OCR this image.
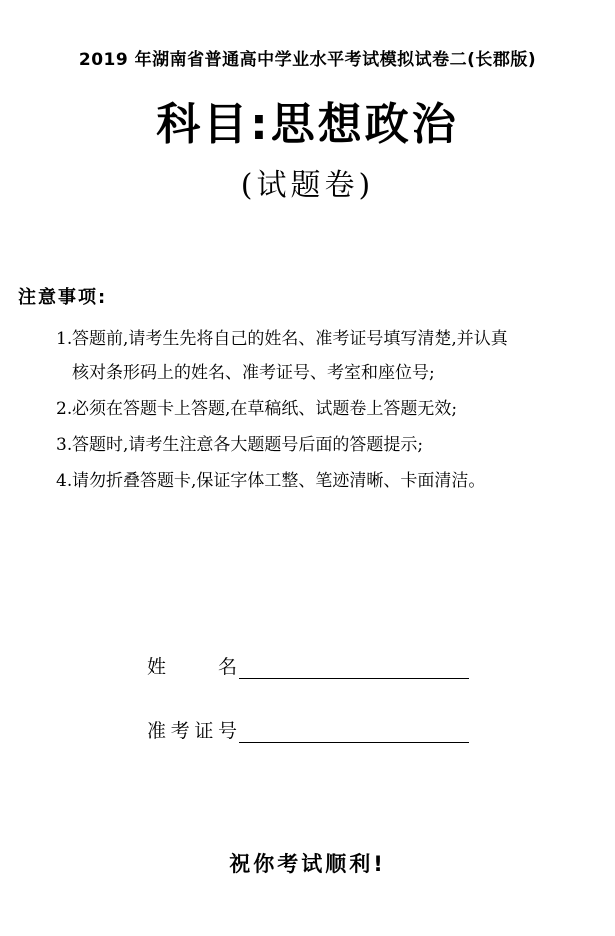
2019 年湖南省普通高中学业水平考试模拟试卷二(长郡版)
科目:思想政治
(试题卷)
注意事项:
1.答题前,请考生先将自己的姓名、准考证号填写清楚,并认真
核对条形码上的姓名、准考证号、考室和座位号;
2.必须在答题卡上答题,在草稿纸、试题卷上答题无效;
3.答题时,请考生注意各大题题号后面的答题提示;
4.请勿折叠答题卡,保证字体工整、笔迹清晰、卡面清洁。
姓名
准考证号
祝你考试顺利!
